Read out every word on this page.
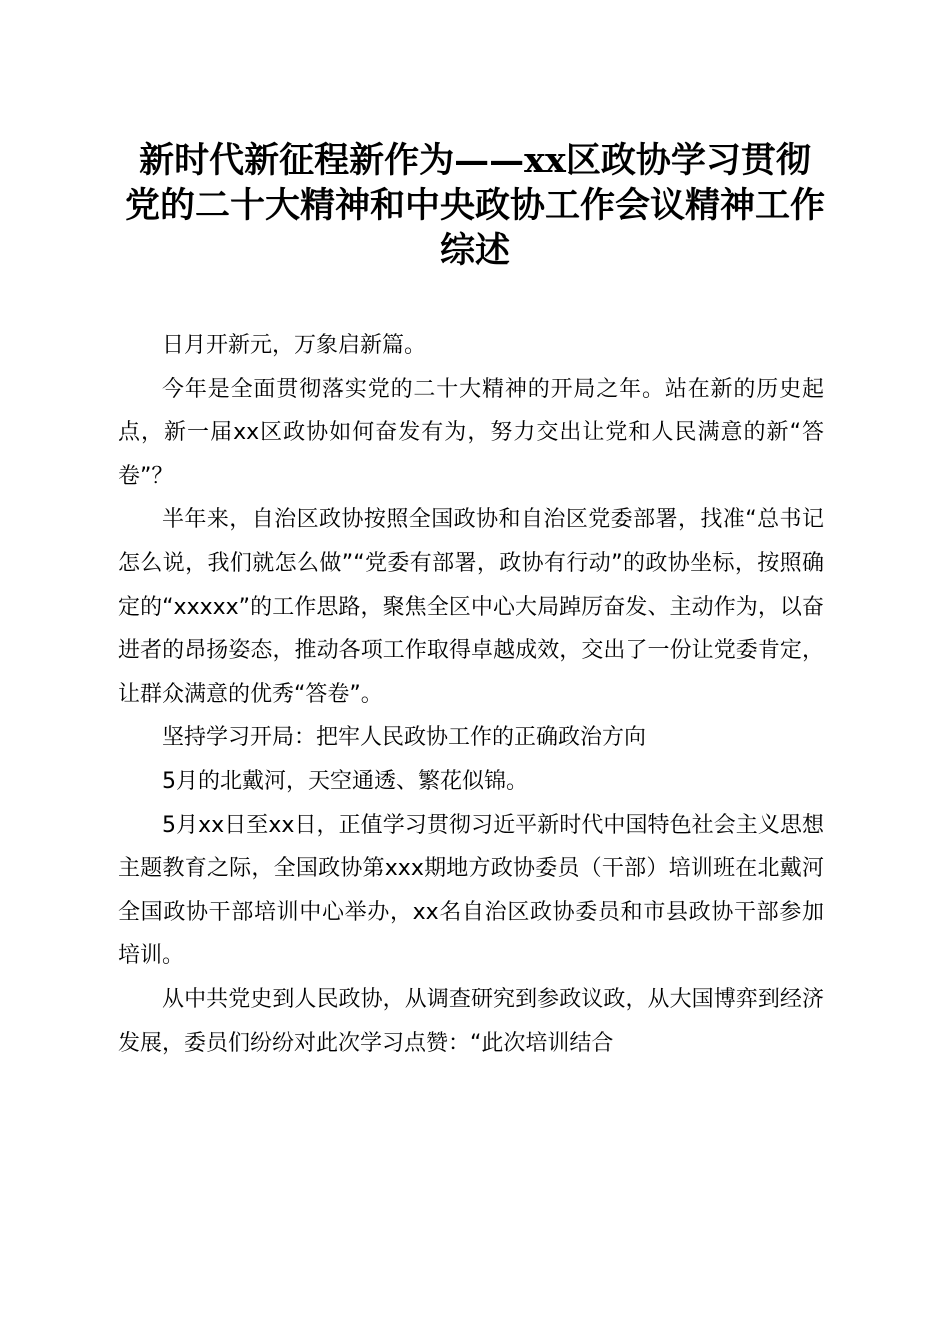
新时代新征程新作为——xx区政协学习贯彻
党的二十大精神和中央政协工作会议精神工作
综述

日月开新元，万象启新篇。

今年是全面贯彻落实党的二十大精神的开局之年。站在新的历史起点，新一届xx区政协如何奋发有为，努力交出让党和人民满意的新“答卷”？

半年来，自治区政协按照全国政协和自治区党委部署，找准“总书记怎么说，我们就怎么做”“党委有部署，政协有行动”的政协坐标，按照确定的“xxxxx”的工作思路，聚焦全区中心大局踔厉奋发、主动作为，以奋进者的昂扬姿态，推动各项工作取得卓越成效，交出了一份让党委肯定，让群众满意的优秀“答卷”。

坚持学习开局：把牢人民政协工作的正确政治方向

5月的北戴河，天空通透、繁花似锦。

5月xx日至xx日，正值学习贯彻习近平新时代中国特色社会主义思想主题教育之际，全国政协第xxx期地方政协委员（干部）培训班在北戴河全国政协干部培训中心举办，xx名自治区政协委员和市县政协干部参加培训。

从中共党史到人民政协，从调查研究到参政议政，从大国博弈到经济发展，委员们纷纷对此次学习点赞：“此次培训结合
